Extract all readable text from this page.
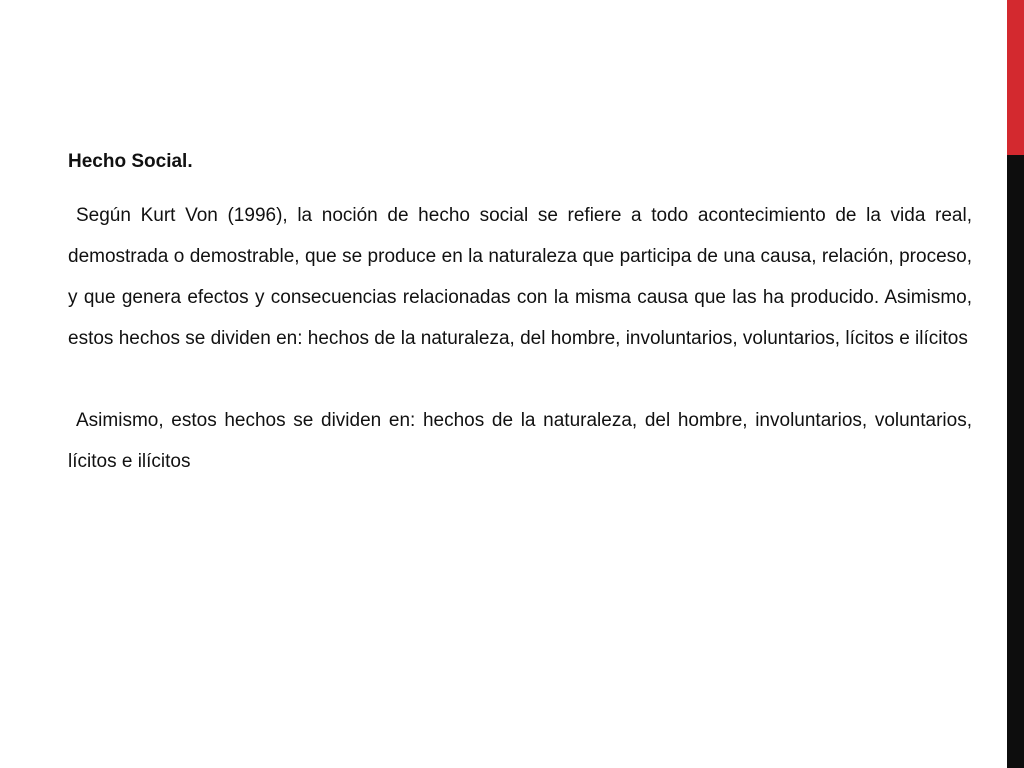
Hecho Social.

Según Kurt Von (1996), la noción de hecho social se refiere a todo acontecimiento de la vida real, demostrada o demostrable, que se produce en la naturaleza que participa de una causa, relación, proceso, y que genera efectos y consecuencias relacionadas con la misma causa que las ha producido. Asimismo, estos hechos se dividen en: hechos de la naturaleza, del hombre, involuntarios, voluntarios, lícitos e ilícitos

Asimismo, estos hechos se dividen en: hechos de la naturaleza, del hombre, involuntarios, voluntarios, lícitos e ilícitos
